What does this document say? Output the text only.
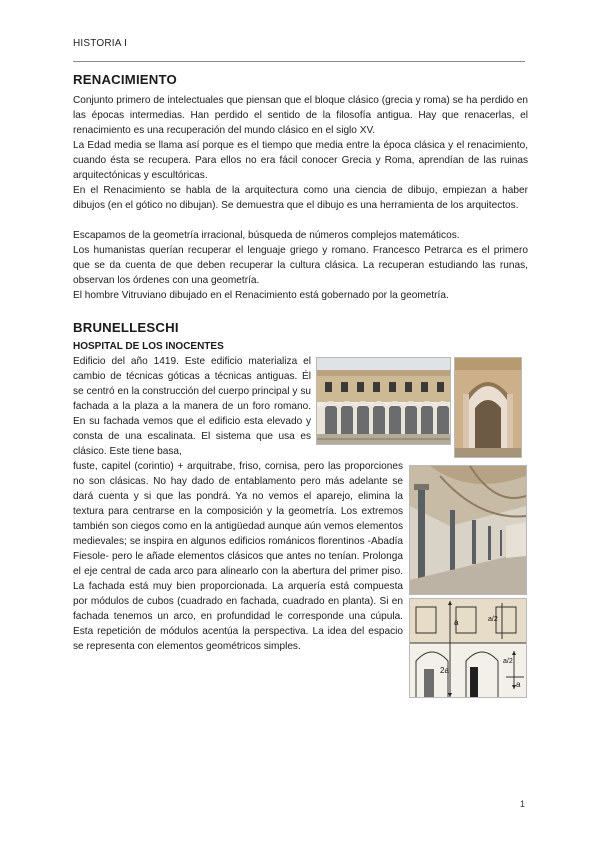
HISTORIA I
RENACIMIENTO

Conjunto primero de intelectuales que piensan que el bloque clásico (grecia y roma) se ha perdido en las épocas intermedias. Han perdido el sentido de la filosofía antigua. Hay que renacerlas, el renacimiento es una recuperación del mundo clásico en el siglo XV.

La Edad media se llama así porque es el tiempo que media entre la época clásica y el renacimiento, cuando ésta se recupera. Para ellos no era fácil conocer Grecia y Roma, aprendían de las ruinas arquitectónicas y escultóricas.

En el Renacimiento se habla de la arquitectura como una ciencia de dibujo, empiezan a haber dibujos (en el gótico no dibujan). Se demuestra que el dibujo es una herramienta de los arquitectos.

Escapamos de la geometría irracional, búsqueda de números complejos matemáticos.

Los humanistas querían recuperar el lenguaje griego y romano. Francesco Petrarca es el primero que se da cuenta de que deben recuperar la cultura clásica. La recuperan estudiando las runas, observan los órdenes con una geometría.

El hombre Vitruviano dibujado en el Renacimiento está gobernado por la geometría.

BRUNELLESCHI
HOSPITAL DE LOS INOCENTES

Edificio del año 1419. Este edificio materializa el cambio de técnicas góticas a técnicas antiguas. Él se centró en la construcción del cuerpo principal y su fachada a la plaza a la manera de un foro romano. En su fachada vemos que el edificio esta elevado y consta de una escalinata. El sistema que usa es clásico. Este tiene basa,

fuste, capitel (corintio) + arquitrabe, friso, cornisa, pero las proporciones no son clásicas. No hay dado de entablamento pero más adelante se dará cuenta y si que las pondrá. Ya no vemos el aparejo, elimina la textura para centrarse en la composición y la geometría. Los extremos también son ciegos como en la antigüedad aunque aún vemos elementos medievales; se inspira en algunos edificios románicos florentinos -Abadía Fiesole- pero le añade elementos clásicos que antes no tenían. Prolonga el eje central de cada arco para alinearlo con la abertura del primer piso. La fachada está muy bien proporcionada. La arquería está compuesta por módulos de cubos (cuadrado en fachada, cuadrado en planta). Si en fachada tenemos un arco, en profundidad le corresponde una cúpula. Esta repetición de módulos acentúa la perspectiva. La idea del espacio se representa con elementos geométricos simples.

a	a/2
2a
a/2
a
1
